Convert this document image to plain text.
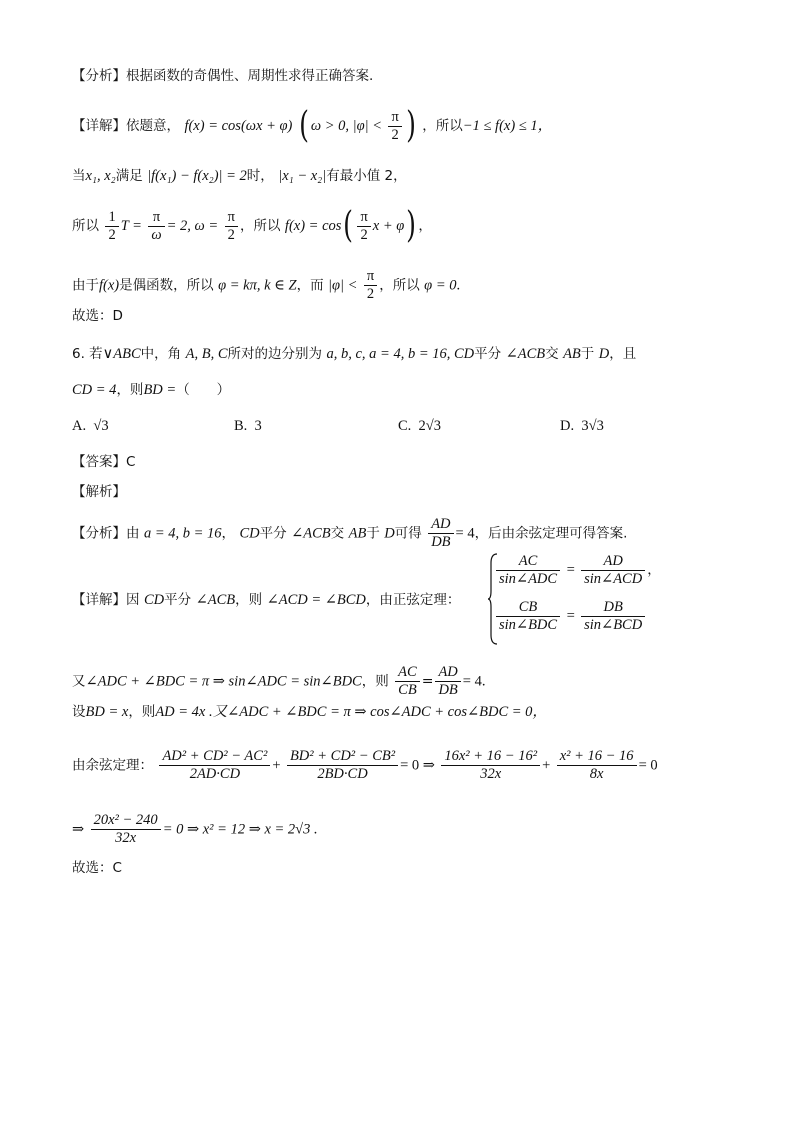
【分析】根据函数的奇偶性、周期性求得正确答案.
【详解】依题意， f(x) = cos(ωx + φ) ( ω > 0, $|\varphi| < \frac{\pi}{2}$ ) ，所以−1 ≤ f(x) ≤ 1，
当x₁, x₂满足 |f(x₁) − f(x₂)| = 2时， |x₁ − x₂|有最小值 2，
所以 $\frac{1}{2}$ $T = \frac{\pi}{\omega} = 2$, $\omega = \frac{\pi}{2}$ ，所以 $f(x) = \cos( \frac{\pi}{2}$ x + φ) ，
由于f(x)是偶函数，所以 φ = kπ, k ∈ Z，而 $|\varphi| < \frac{\pi}{2}$ ，所以 φ = 0.
故选：D
6. 若∨ABC中，角 A, B, C所对的边分别为 a, b, c, a = 4, b = 16, CD平分 ∠ACB交 AB于 D，且
CD = 4，则BD =（　　）
A. √3	B. 3	C. 2√3	D. 3√3
【答案】C
【解析】
【分析】由 a = 4, b = 16， CD平分 ∠ACB交 AB于 D可得 $\frac{AD}{DB} = 4$，后由余弦定理可得答案.
【详解】因 CD平分 ∠ACB，则 ∠ACD = ∠BCD，由正弦定理：
$\frac{AC}{\text{sin∠ADC}} = \frac{AD}{\text{sin∠ACD}}$ ，
$\frac{CB}{\text{sin∠BDC}} = \frac{DB}{\text{sin∠BCD}}$
又∠ADC + ∠BDC = π ⇒ sin∠ADC = sin∠BDC，则 $\frac{AC}{CB} = \frac{AD}{DB} = 4$.
设BD = x，则AD = 4x .又∠ADC + ∠BDC = π ⇒ cos∠ADC + cos∠BDC = 0，
由余弦定理： $\frac{\text{AD² + CD² − AC²}}{2AD\cdot CD} + \frac{\text{BD² + CD² − CB²}}{2BD\cdot CD} = 0$ ⇒ $\frac{\text{16x² + 16 − 16²}}{32x} + \frac{\text{x² + 16 − 16}}{8x} = 0$
⇒ $\frac{\text{20x² − 240}}{32x} = 0$ ⇒ x² = 12 ⇒ x = 2√3 .
故选：C
